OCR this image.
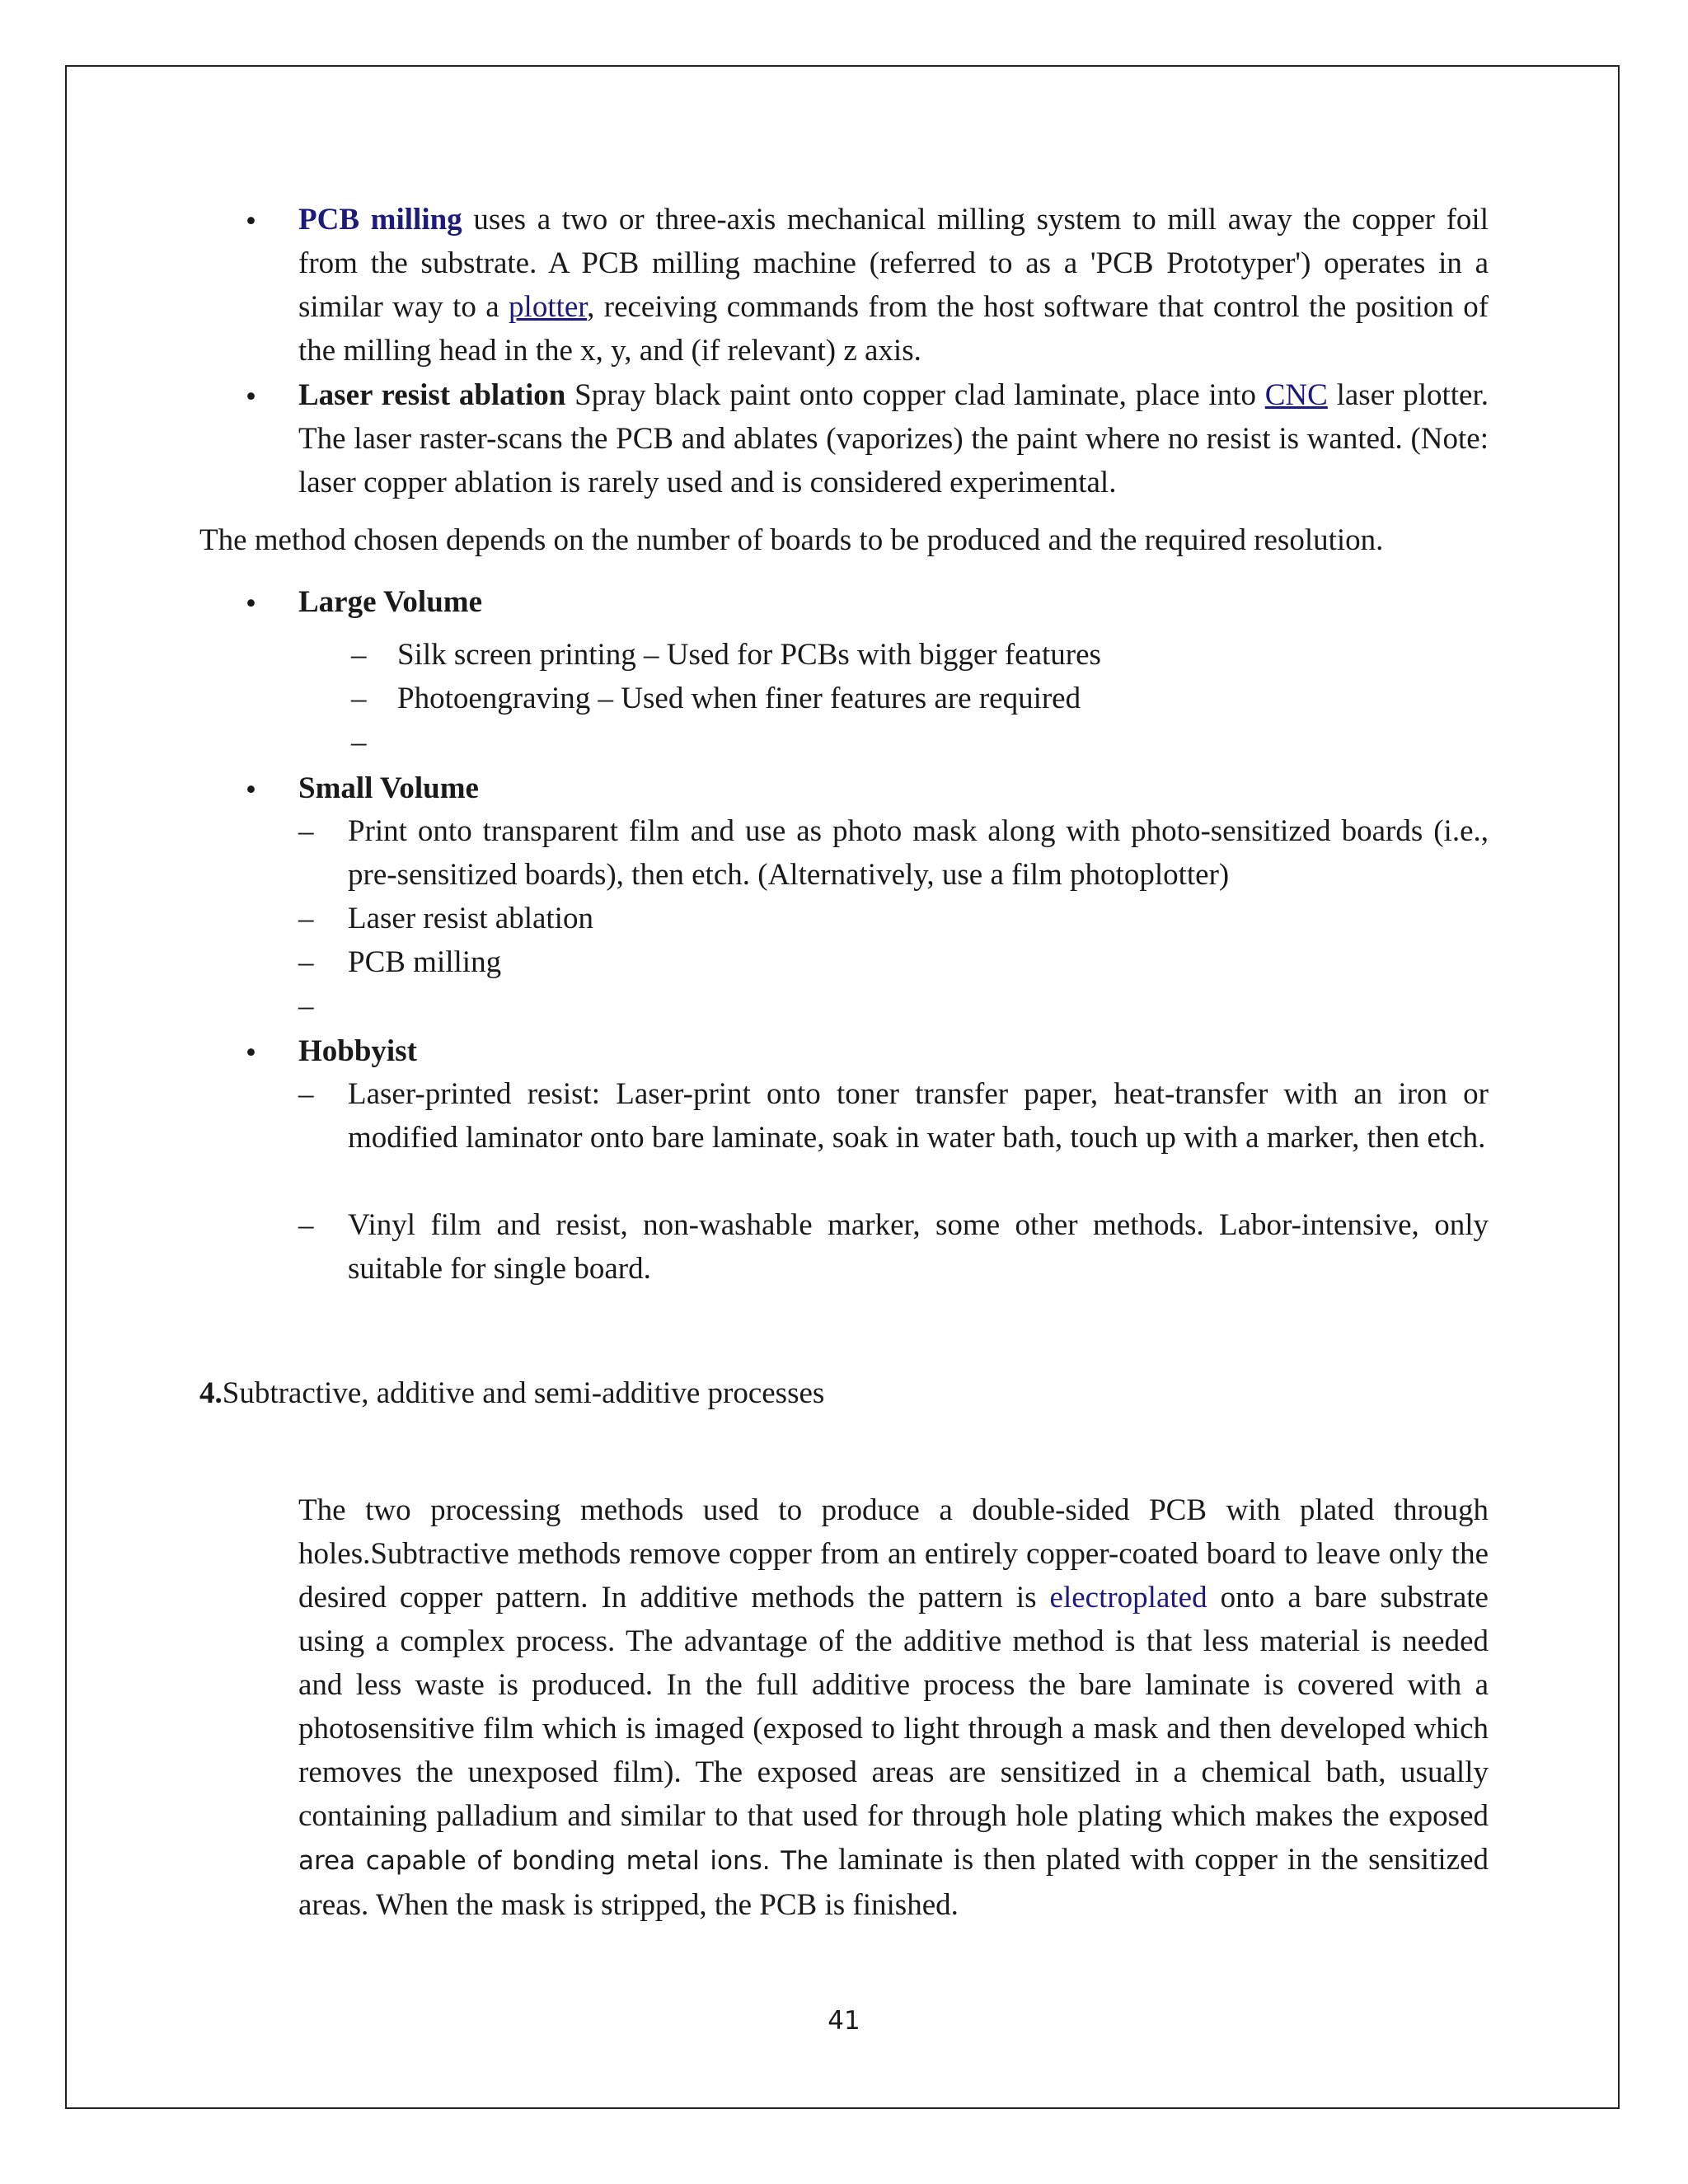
• PCB milling uses a two or three-axis mechanical milling system to mill away the copper foil from the substrate. A PCB milling machine (referred to as a 'PCB Prototyper') operates in a similar way to a plotter, receiving commands from the host software that control the position of the milling head in the x, y, and (if relevant) z axis.
• Laser resist ablation Spray black paint onto copper clad laminate, place into CNC laser plotter. The laser raster-scans the PCB and ablates (vaporizes) the paint where no resist is wanted. (Note: laser copper ablation is rarely used and is considered experimental.
The method chosen depends on the number of boards to be produced and the required resolution.
• Large Volume
–	Silk screen printing – Used for PCBs with bigger features
–	Photoengraving – Used when finer features are required
–
• Small Volume
–	Print onto transparent film and use as photo mask along with photo-sensitized boards (i.e., pre-sensitized boards), then etch. (Alternatively, use a film photoplotter)
–	Laser resist ablation
–	PCB milling
–
• Hobbyist
–	Laser-printed resist: Laser-print onto toner transfer paper, heat-transfer with an iron or modified laminator onto bare laminate, soak in water bath, touch up with a marker, then etch.
–	Vinyl film and resist, non-washable marker, some other methods. Labor-intensive, only suitable for single board.
4.Subtractive, additive and semi-additive processes
The two processing methods used to produce a double-sided PCB with plated through holes.Subtractive methods remove copper from an entirely copper-coated board to leave only the desired copper pattern. In additive methods the pattern is electroplated onto a bare substrate using a complex process. The advantage of the additive method is that less material is needed and less waste is produced. In the full additive process the bare laminate is covered with a photosensitive film which is imaged (exposed to light through a mask and then developed which removes the unexposed film). The exposed areas are sensitized in a chemical bath, usually containing palladium and similar to that used for through hole plating which makes the exposed area capable of bonding metal ions. The laminate is then plated with copper in the sensitized areas. When the mask is stripped, the PCB is finished.
41
